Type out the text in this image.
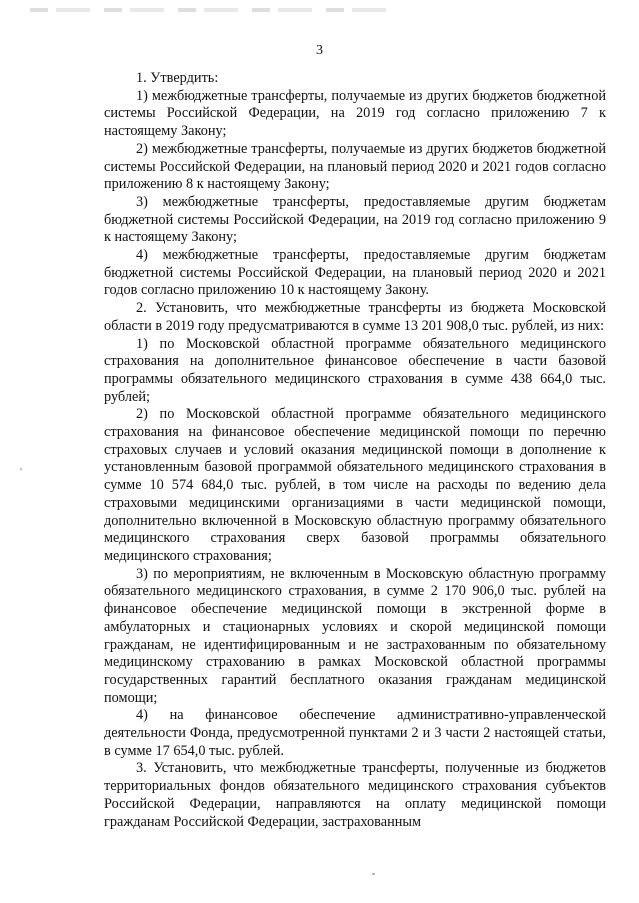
3

1. Утвердить:

1) межбюджетные трансферты, получаемые из других бюджетов бюджетной системы Российской Федерации, на 2019 год согласно приложению 7 к настоящему Закону;

2) межбюджетные трансферты, получаемые из других бюджетов бюджетной системы Российской Федерации, на плановый период 2020 и 2021 годов согласно приложению 8 к настоящему Закону;

3) межбюджетные трансферты, предоставляемые другим бюджетам бюджетной системы Российской Федерации, на 2019 год согласно приложению 9 к настоящему Закону;

4) межбюджетные трансферты, предоставляемые другим бюджетам бюджетной системы Российской Федерации, на плановый период 2020 и 2021 годов согласно приложению 10 к настоящему Закону.

2. Установить, что межбюджетные трансферты из бюджета Московской области в 2019 году предусматриваются в сумме 13 201 908,0 тыс. рублей, из них:

1) по Московской областной программе обязательного медицинского страхования на дополнительное финансовое обеспечение в части базовой программы обязательного медицинского страхования в сумме 438 664,0 тыс. рублей;

2) по Московской областной программе обязательного медицинского страхования на финансовое обеспечение медицинской помощи по перечню страховых случаев и условий оказания медицинской помощи в дополнение к установленным базовой программой обязательного медицинского страхования в сумме 10 574 684,0 тыс. рублей, в том числе на расходы по ведению дела страховыми медицинскими организациями в части медицинской помощи, дополнительно включенной в Московскую областную программу обязательного медицинского страхования сверх базовой программы обязательного медицинского страхования;

3) по мероприятиям, не включенным в Московскую областную программу обязательного медицинского страхования, в сумме 2 170 906,0 тыс. рублей на финансовое обеспечение медицинской помощи в экстренной форме в амбулаторных и стационарных условиях и скорой медицинской помощи гражданам, не идентифицированным и не застрахованным по обязательному медицинскому страхованию в рамках Московской областной программы государственных гарантий бесплатного оказания гражданам медицинской помощи;

4) на финансовое обеспечение административно-управленческой деятельности Фонда, предусмотренной пунктами 2 и 3 части 2 настоящей статьи, в сумме 17 654,0 тыс. рублей.

3. Установить, что межбюджетные трансферты, полученные из бюджетов территориальных фондов обязательного медицинского страхования субъектов Российской Федерации, направляются на оплату медицинской помощи гражданам Российской Федерации, застрахованным
